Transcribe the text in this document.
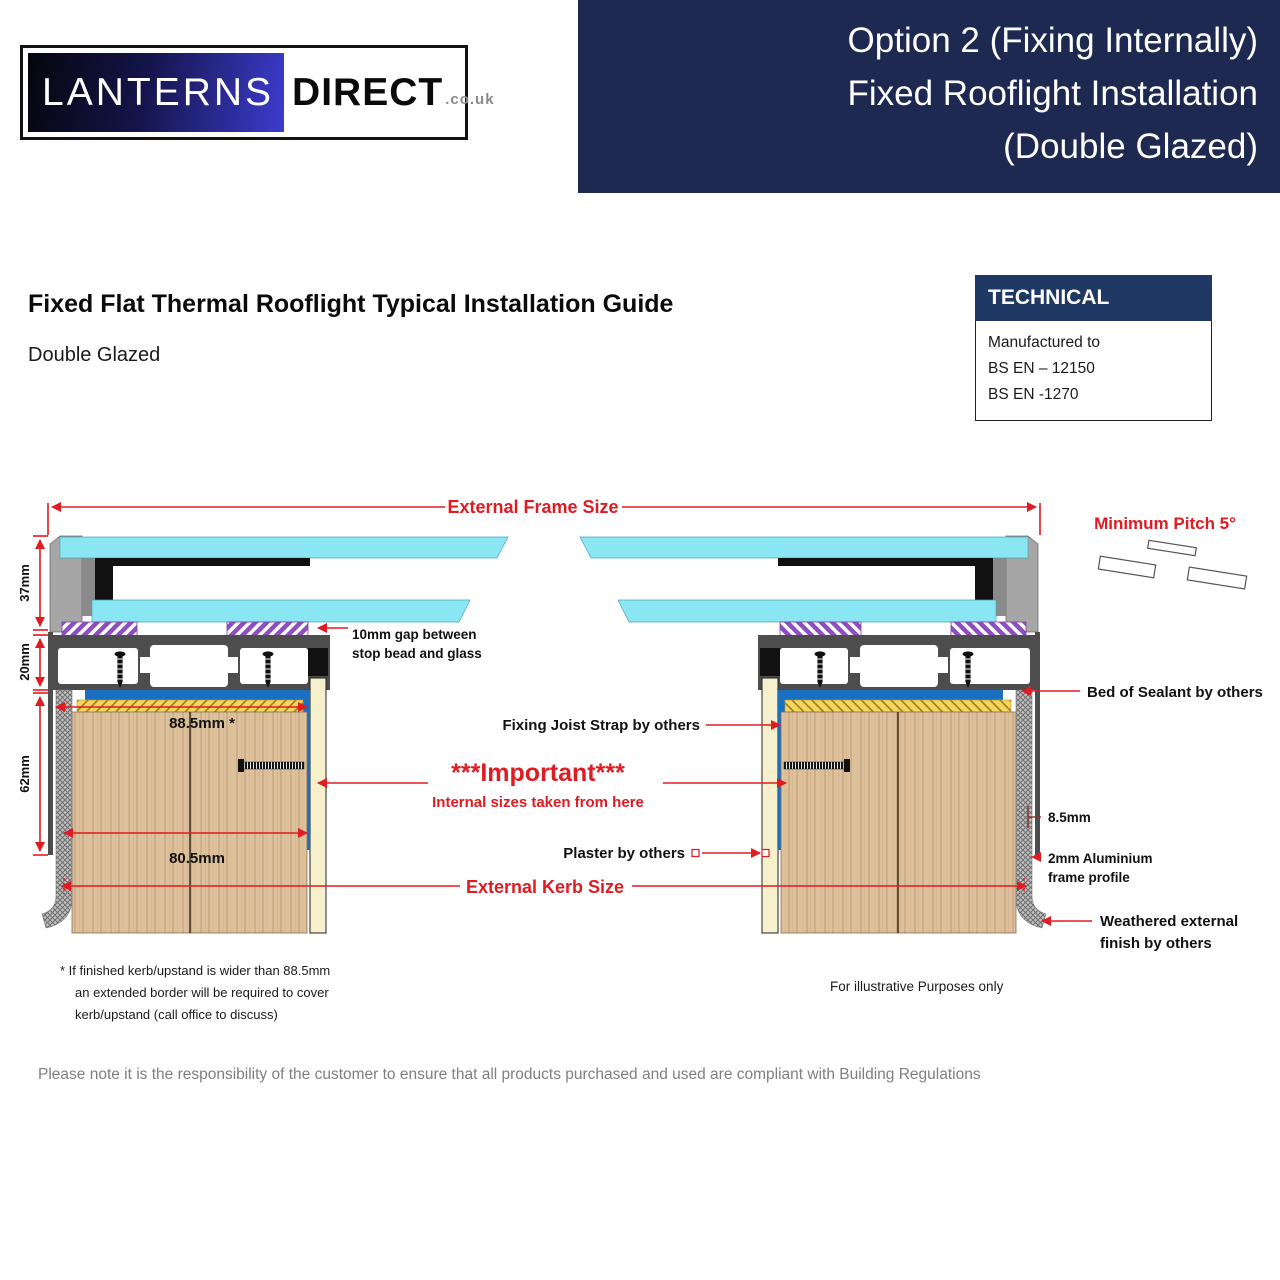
LANTERNS DIRECT .co.uk
Option 2 (Fixing Internally)
Fixed Rooflight Installation
(Double Glazed)
Fixed Flat Thermal Rooflight Typical Installation Guide
Double Glazed
TECHNICAL
Manufactured to
BS EN – 12150
BS EN -1270
External Frame Size
Minimum Pitch 5°
37mm
20mm
62mm
10mm gap between
stop bead and glass
88.5mm *
80.5mm
Fixing Joist Strap by others
***Important***
Internal sizes taken from here
Plaster by others
External Kerb Size
Bed of Sealant by others
8.5mm
2mm Aluminium
frame profile
Weathered external
finish by others
* If finished kerb/upstand is wider than 88.5mm
an extended border will be required to cover
kerb/upstand (call office to discuss)
For illustrative Purposes only
Please note it is the responsibility of the customer to ensure that all products purchased and used are compliant with Building Regulations
